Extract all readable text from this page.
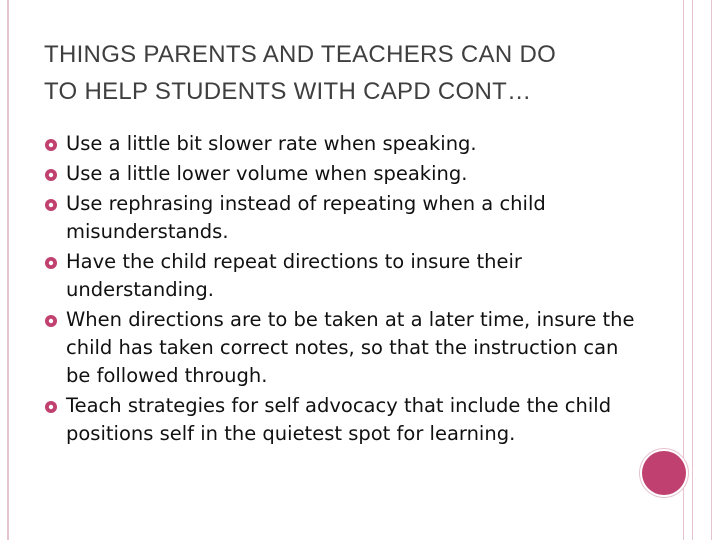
THINGS PARENTS AND TEACHERS CAN DO
TO HELP STUDENTS WITH CAPD CONT…
Use a little bit slower rate when speaking.
Use a little lower volume when speaking.
Use rephrasing instead of repeating when a child misunderstands.
Have the child repeat directions to insure their understanding.
When directions are to be taken at a later time, insure the child has taken correct notes, so that the instruction can be followed through.
Teach strategies for self advocacy that include the child positions self in the quietest spot for learning.
